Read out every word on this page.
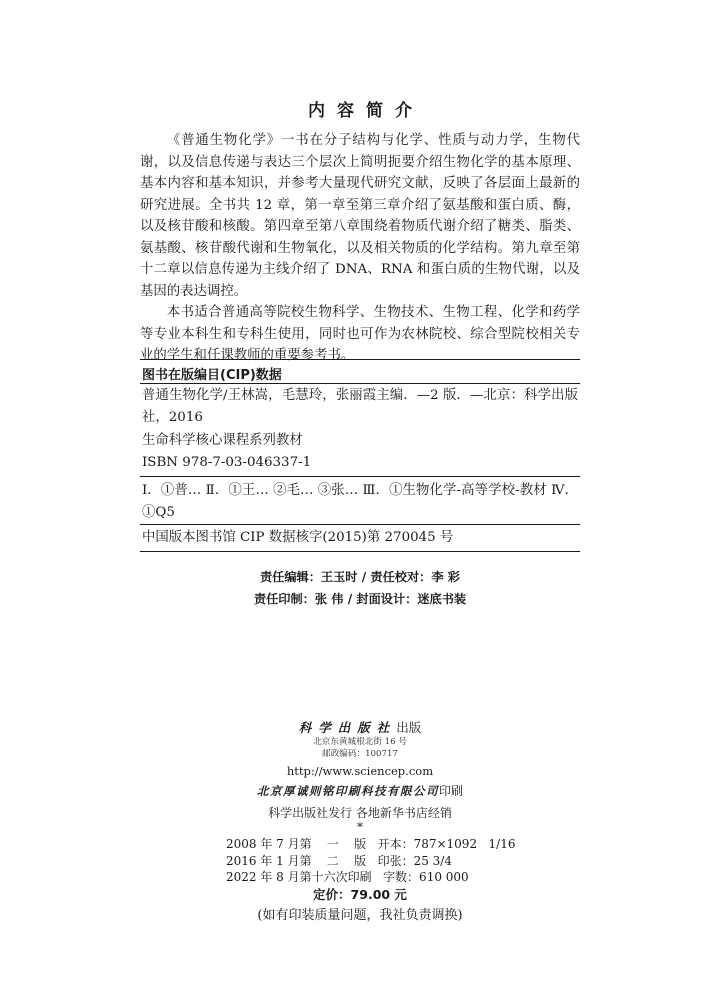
内容简介

《普通生物化学》一书在分子结构与化学、性质与动力学，生物代谢，以及信息传递与表达三个层次上简明扼要介绍生物化学的基本原理、基本内容和基本知识，并参考大量现代研究文献，反映了各层面上最新的研究进展。全书共 12 章，第一章至第三章介绍了氨基酸和蛋白质、酶，以及核苷酸和核酸。第四章至第八章围绕着物质代谢介绍了糖类、脂类、氨基酸、核苷酸代谢和生物氧化，以及相关物质的化学结构。第九章至第十二章以信息传递为主线介绍了 DNA、RNA 和蛋白质的生物代谢，以及基因的表达调控。

本书适合普通高等院校生物科学、生物技术、生物工程、化学和药学等专业本科生和专科生使用，同时也可作为农林院校、综合型院校相关专业的学生和任课教师的重要参考书。

图书在版编目(CIP)数据
普通生物化学/王林嵩，毛慧玲，张丽霞主编．—2 版．—北京：科学出版社，2016
生命科学核心课程系列教材
ISBN 978-7-03-046337-1
Ⅰ．①普… Ⅱ．①王… ②毛… ③张… Ⅲ．①生物化学-高等学校-教材 Ⅳ．①Q5
中国版本图书馆 CIP 数据核字(2015)第 270045 号
责任编辑：王玉时 / 责任校对：李 彩
责任印制：张 伟 / 封面设计：迷底书装
科学出版社出版
北京东黄城根北街 16 号
邮政编码：100717
http://www.sciencep.com
北京厚诚则铭印刷科技有限公司印刷
科学出版社发行 各地新华书店经销
*
2008 年 7 月第    一    版   开本：787×1092   1/16
2016 年 1 月第    二    版   印张：25 3/4
2022 年 8 月第十六次印刷   字数：610 000
定价：79.00 元
(如有印装质量问题，我社负责调换)
